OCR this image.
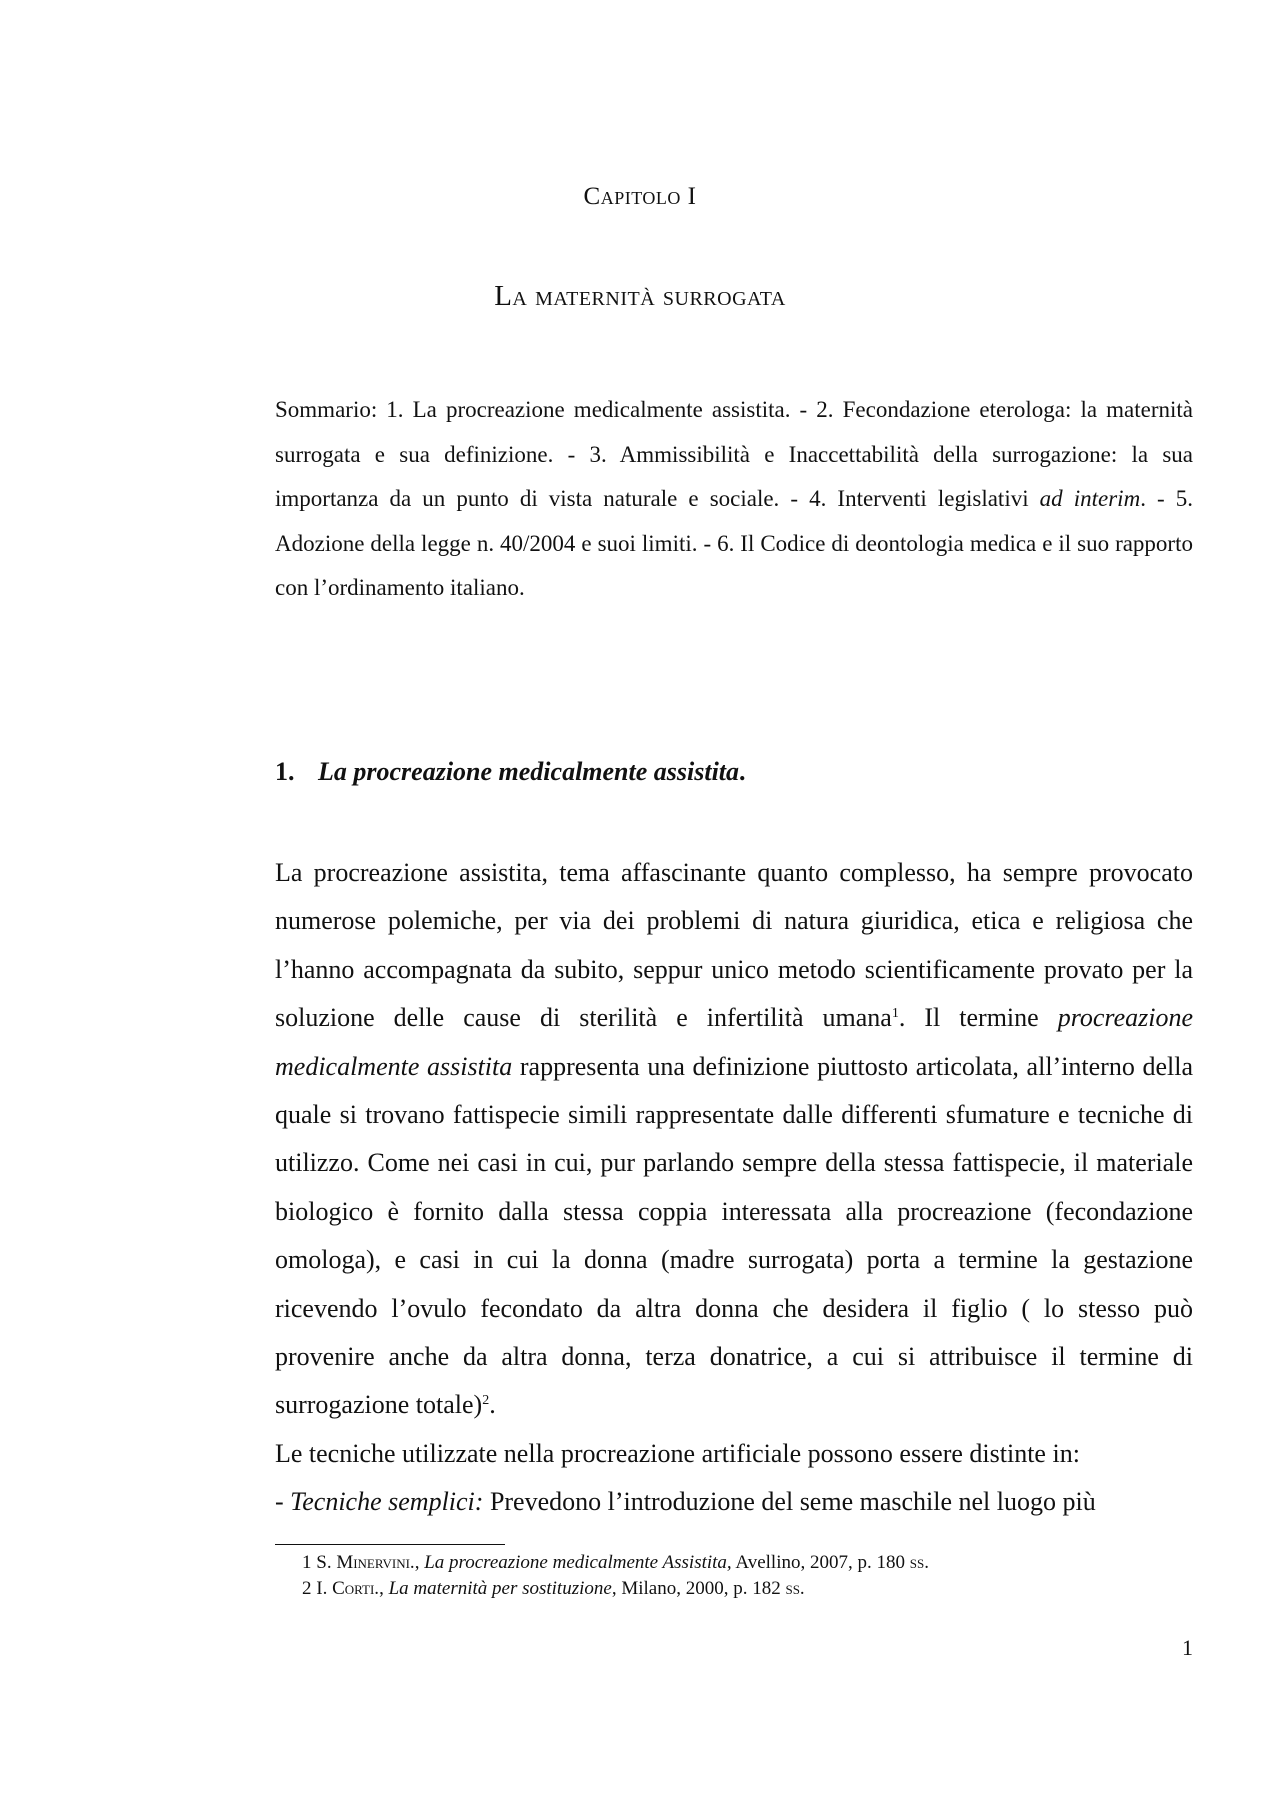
Capitolo I
La maternità surrogata

Sommario: 1. La procreazione medicalmente assistita. - 2. Fecondazione eterologa: la maternità surrogata e sua definizione. - 3. Ammissibilità e Inaccettabilità della surrogazione: la sua importanza da un punto di vista naturale e sociale. - 4. Interventi legislativi ad interim. - 5. Adozione della legge n. 40/2004 e suoi limiti. - 6. Il Codice di deontologia medica e il suo rapporto con l’ordinamento italiano.

1. La procreazione medicalmente assistita.

La procreazione assistita, tema affascinante quanto complesso, ha sempre provocato numerose polemiche, per via dei problemi di natura giuridica, etica e religiosa che l’hanno accompagnata da subito, seppur unico metodo scientificamente provato per la soluzione delle cause di sterilità e infertilità umana$^1$. Il termine procreazione medicalmente assistita rappresenta una definizione piuttosto articolata, all’interno della quale si trovano fattispecie simili rappresentate dalle differenti sfumature e tecniche di utilizzo. Come nei casi in cui, pur parlando sempre della stessa fattispecie, il materiale biologico è fornito dalla stessa coppia interessata alla procreazione (fecondazione omologa), e casi in cui la donna (madre surrogata) porta a termine la gestazione ricevendo l’ovulo fecondato da altra donna che desidera il figlio ( lo stesso può provenire anche da altra donna, terza donatrice, a cui si attribuisce il termine di surrogazione totale)$^2$.
Le tecniche utilizzate nella procreazione artificiale possono essere distinte in:
- Tecniche semplici: Prevedono l’introduzione del seme maschile nel luogo più

1 S. Minervini., La procreazione medicalmente Assistita, Avellino, 2007, p. 180 ss.
2 I. Corti., La maternità per sostituzione, Milano, 2000, p. 182 ss.
1
